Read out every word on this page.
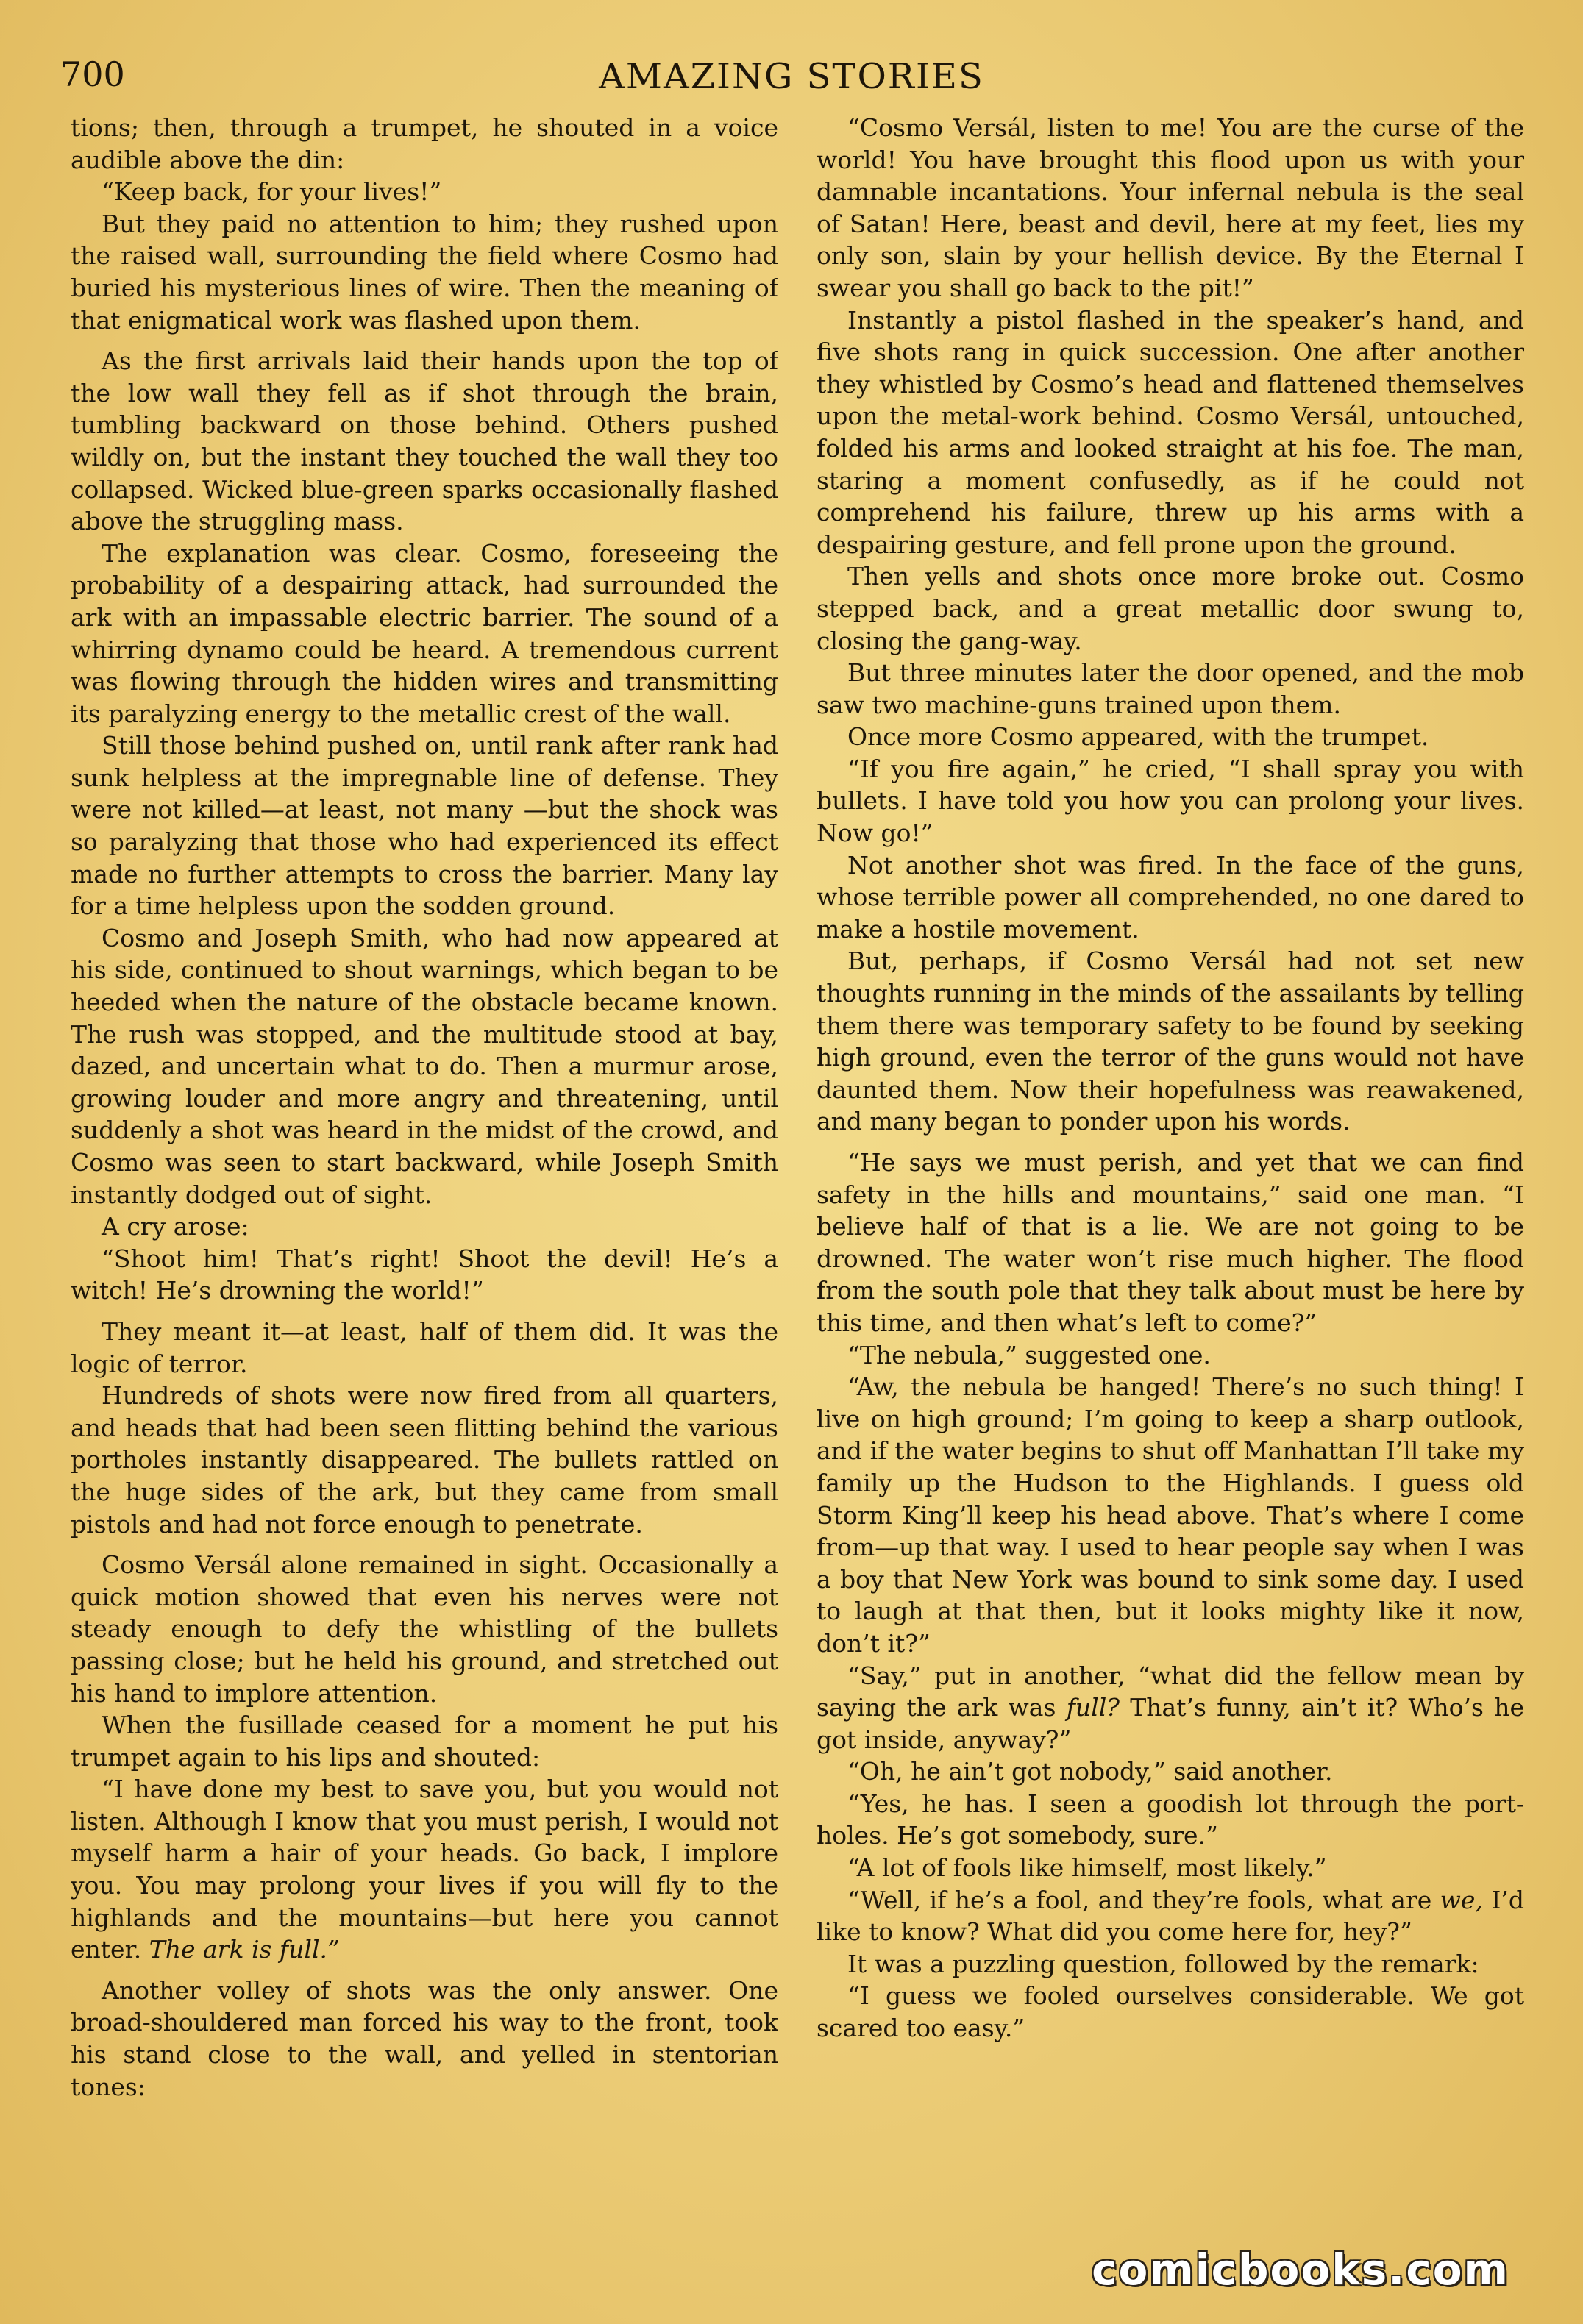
700	AMAZING STORIES

tions; then, through a trumpet, he shouted in a voice audible above the din:

“Keep back, for your lives!”

But they paid no attention to him; they rushed upon the raised wall, surrounding the field where Cosmo had buried his mysterious lines of wire. Then the meaning of that enigmatical work was flashed upon them.

As the first arrivals laid their hands upon the top of the low wall they fell as if shot through the brain, tumbling backward on those behind. Others pushed wildly on, but the instant they touched the wall they too collapsed. Wicked blue-green sparks occasionally flashed above the struggling mass.

The explanation was clear. Cosmo, foreseeing the probability of a despairing attack, had surrounded the ark with an impassable electric barrier. The sound of a whirring dynamo could be heard. A tremendous current was flowing through the hidden wires and transmitting its paralyzing energy to the metallic crest of the wall.

Still those behind pushed on, until rank after rank had sunk helpless at the impregnable line of defense. They were not killed—at least, not many —but the shock was so paralyzing that those who had experienced its effect made no further attempts to cross the barrier. Many lay for a time helpless upon the sodden ground.

Cosmo and Joseph Smith, who had now appeared at his side, continued to shout warnings, which began to be heeded when the nature of the obstacle became known. The rush was stopped, and the multitude stood at bay, dazed, and uncertain what to do. Then a murmur arose, growing louder and more angry and threatening, until suddenly a shot was heard in the midst of the crowd, and Cosmo was seen to start backward, while Joseph Smith instantly dodged out of sight.

A cry arose:

“Shoot him! That’s right! Shoot the devil! He’s a witch! He’s drowning the world!”

They meant it—at least, half of them did. It was the logic of terror.

Hundreds of shots were now fired from all quarters, and heads that had been seen flitting behind the various portholes instantly disappeared. The bullets rattled on the huge sides of the ark, but they came from small pistols and had not force enough to penetrate.

Cosmo Versál alone remained in sight. Occasionally a quick motion showed that even his nerves were not steady enough to defy the whistling of the bullets passing close; but he held his ground, and stretched out his hand to implore attention.

When the fusillade ceased for a moment he put his trumpet again to his lips and shouted:

“I have done my best to save you, but you would not listen. Although I know that you must perish, I would not myself harm a hair of your heads. Go back, I implore you. You may prolong your lives if you will fly to the highlands and the mountains—but here you cannot enter. The ark is full.”

Another volley of shots was the only answer. One broad-shouldered man forced his way to the front, took his stand close to the wall, and yelled in stentorian tones:

“Cosmo Versál, listen to me! You are the curse of the world! You have brought this flood upon us with your damnable incantations. Your infernal nebula is the seal of Satan! Here, beast and devil, here at my feet, lies my only son, slain by your hellish device. By the Eternal I swear you shall go back to the pit!”

Instantly a pistol flashed in the speaker’s hand, and five shots rang in quick succession. One after another they whistled by Cosmo’s head and flattened themselves upon the metal-work behind. Cosmo Versál, untouched, folded his arms and looked straight at his foe. The man, staring a moment confusedly, as if he could not comprehend his failure, threw up his arms with a despairing gesture, and fell prone upon the ground.

Then yells and shots once more broke out. Cosmo stepped back, and a great metallic door swung to, closing the gang-way.

But three minutes later the door opened, and the mob saw two machine-guns trained upon them.

Once more Cosmo appeared, with the trumpet.

“If you fire again,” he cried, “I shall spray you with bullets. I have told you how you can prolong your lives. Now go!”

Not another shot was fired. In the face of the guns, whose terrible power all comprehended, no one dared to make a hostile movement.

But, perhaps, if Cosmo Versál had not set new thoughts running in the minds of the assailants by telling them there was temporary safety to be found by seeking high ground, even the terror of the guns would not have daunted them. Now their hopefulness was reawakened, and many began to ponder upon his words.

“He says we must perish, and yet that we can find safety in the hills and mountains,” said one man. “I believe half of that is a lie. We are not going to be drowned. The water won’t rise much higher. The flood from the south pole that they talk about must be here by this time, and then what’s left to come?”

“The nebula,” suggested one.

“Aw, the nebula be hanged! There’s no such thing! I live on high ground; I’m going to keep a sharp outlook, and if the water begins to shut off Manhattan I’ll take my family up the Hudson to the Highlands. I guess old Storm King’ll keep his head above. That’s where I come from—up that way. I used to hear people say when I was a boy that New York was bound to sink some day. I used to laugh at that then, but it looks mighty like it now, don’t it?”

“Say,” put in another, “what did the fellow mean by saying the ark was full? That’s funny, ain’t it? Who’s he got inside, anyway?”

“Oh, he ain’t got nobody,” said another.

“Yes, he has. I seen a goodish lot through the port-holes. He’s got somebody, sure.”

“A lot of fools like himself, most likely.”

“Well, if he’s a fool, and they’re fools, what are we, I’d like to know? What did you come here for, hey?”

It was a puzzling question, followed by the remark:

“I guess we fooled ourselves considerable. We got scared too easy.”

comicbooks.com
